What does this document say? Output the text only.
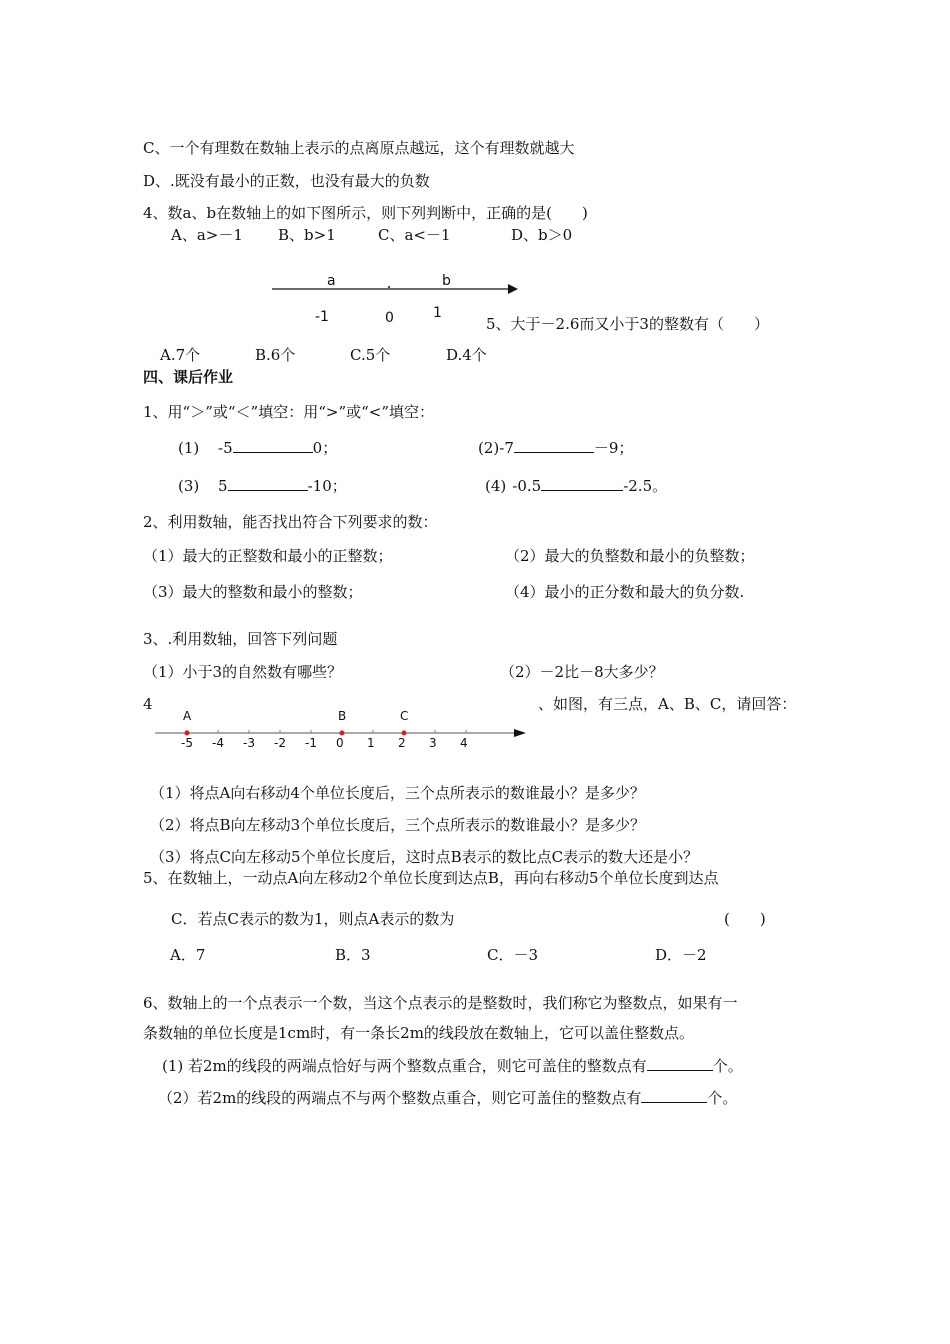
C、一个有理数在数轴上表示的点离原点越远，这个有理数就越大
D、.既没有最小的正数，也没有最大的负数
4、数a、b在数轴上的如下图所示，则下列判断中，正确的是(　　)
A、a>－1 B、b>1	C、a<－1	D、b＞0
a	b
-1	0	1
5、大于－2.6而又小于3的整数有（　　）
A.7个	B.6个	C.5个	D.4个
四、课后作业
1、用“＞”或“＜”填空：用“>”或“<”填空：
(1) -5	0；	(2)-7	－9；
(3) 5	-10；	(4) -0.5	-2.5。
2、利用数轴，能否找出符合下列要求的数：
（1）最大的正整数和最小的正整数；	（2）最大的负整数和最小的负整数；
（3）最大的整数和最小的整数；	（4）最小的正分数和最大的负分数.
3、.利用数轴，回答下列问题
（1）小于3的自然数有哪些？	（2）－2比－8大多少？
4	、如图，有三点，A、B、C，请回答：
-5 -4 -3 -2 -1 0 1 2 3 4
A	B	C
（1）将点A向右移动4个单位长度后，三个点所表示的数谁最小？是多少？
（2）将点B向左移动3个单位长度后，三个点所表示的数谁最小？是多少？
（3）将点C向左移动5个单位长度后，这时点B表示的数比点C表示的数大还是小？
5、在数轴上，一动点A向左移动2个单位长度到达点B，再向右移动5个单位长度到达点
C．若点C表示的数为1，则点A表示的数为	(　　)
A．7	B．3	C．－3	D．－2
6、数轴上的一个点表示一个数，当这个点表示的是整数时，我们称它为整数点，如果有一
条数轴的单位长度是1cm时，有一条长2m的线段放在数轴上，它可以盖住整数点。
(1) 若2m的线段的两端点恰好与两个整数点重合，则它可盖住的整数点有	个。
（2）若2m的线段的两端点不与两个整数点重合，则它可盖住的整数点有	个。
